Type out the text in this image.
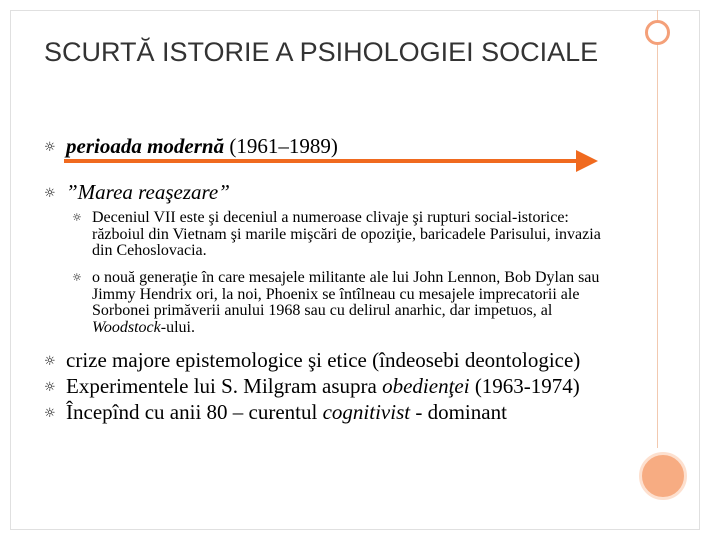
SCURTĂ ISTORIE A PSIHOLOGIEI SOCIALE
☼ perioada modernă (1961–1989)
☼ ”Marea reaşezare”
☼ Deceniul VII este şi deceniul a numeroase clivaje şi rupturi social-istorice: războiul din Vietnam şi marile mişcări de opoziţie, baricadele Parisului, invazia din Cehoslovacia.
☼ o nouă generaţie în care mesajele militante ale lui John Lennon, Bob Dylan sau Jimmy Hendrix ori, la noi, Phoenix se întîlneau cu mesajele imprecatorii ale Sorbonei primăverii anului 1968 sau cu delirul anarhic, dar impetuos, al Woodstock-ului.
☼ crize majore epistemologice şi etice (îndeosebi deontologice)
☼ Experimentele lui S. Milgram asupra obedienţei (1963-1974)
☼ Începînd cu anii 80 – curentul cognitivist - dominant
